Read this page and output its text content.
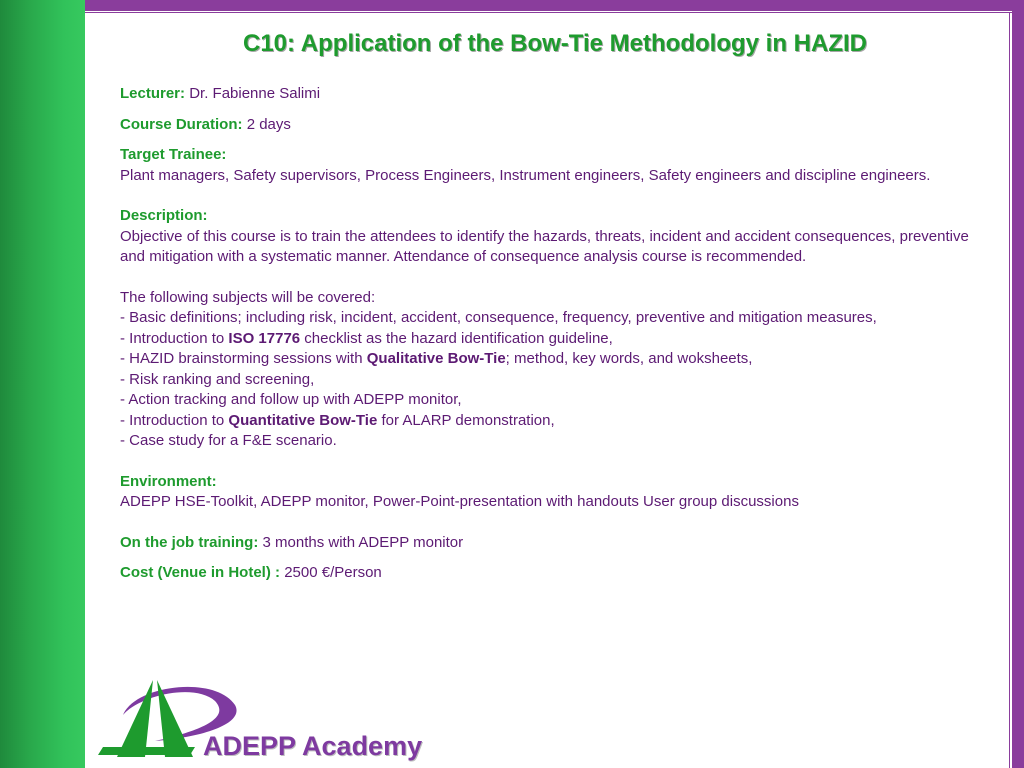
C10: Application of the Bow-Tie Methodology in HAZID

Lecturer: Dr. Fabienne Salimi

Course Duration: 2 days

Target Trainee:

Plant managers, Safety supervisors, Process Engineers, Instrument engineers, Safety engineers and discipline engineers.

Description:

Objective of this course is to train the attendees to identify the hazards, threats, incident and accident consequences, preventive and mitigation with a systematic manner. Attendance of consequence analysis course is recommended.

The following subjects will be covered:

- Basic definitions; including risk, incident, accident, consequence, frequency, preventive and mitigation measures,

- Introduction to ISO 17776 checklist as the hazard identification guideline,

- HAZID brainstorming sessions with Qualitative Bow-Tie; method, key words, and woksheets,

- Risk ranking and screening,

- Action tracking and follow up with ADEPP monitor,

- Introduction to Quantitative Bow-Tie for ALARP demonstration,

- Case study for a F&E scenario.

Environment:

ADEPP HSE-Toolkit, ADEPP monitor, Power-Point-presentation with handouts User group discussions

On the job training: 3 months with ADEPP monitor

Cost (Venue in Hotel) : 2500 €/Person

ADEPP Academy
